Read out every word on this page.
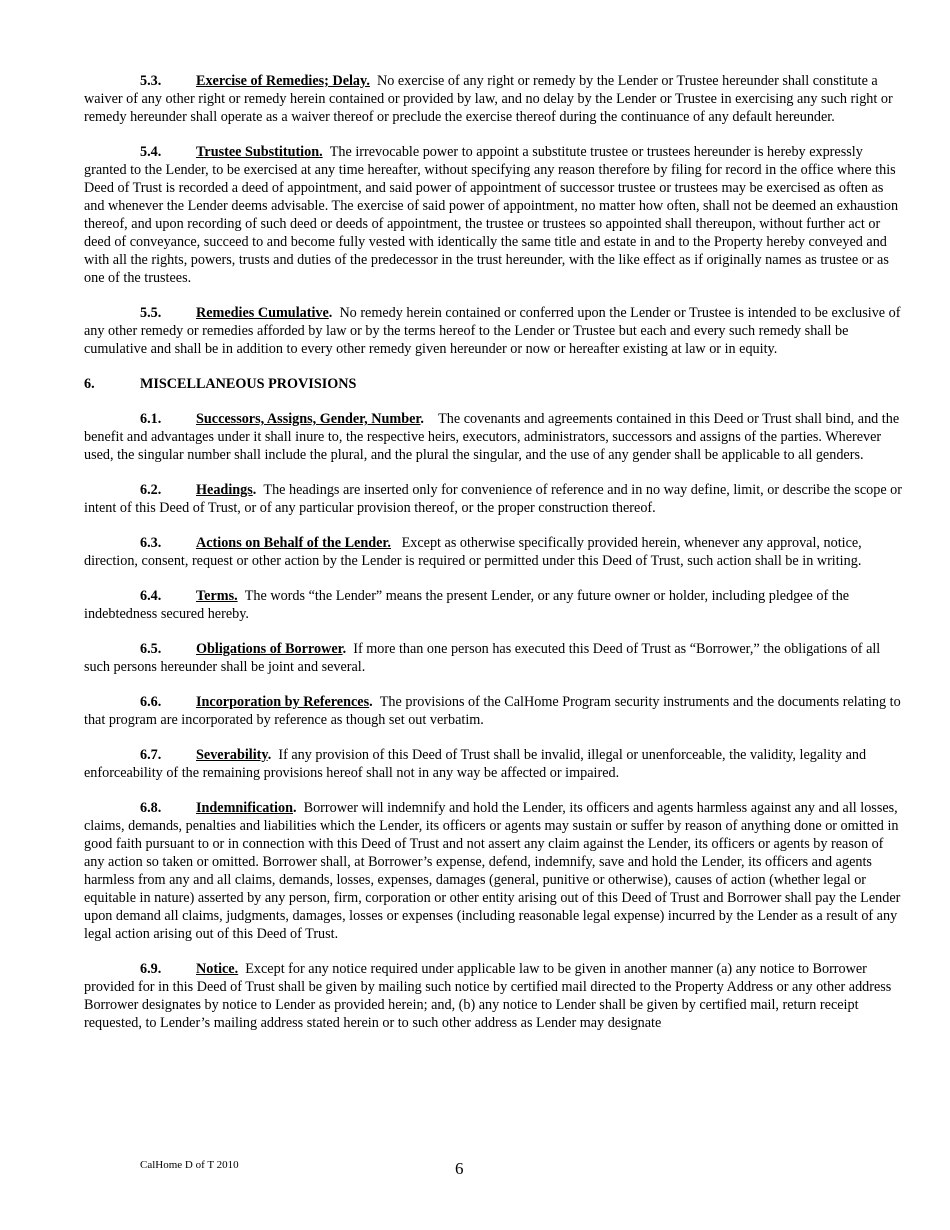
5.3. Exercise of Remedies; Delay. No exercise of any right or remedy by the Lender or Trustee hereunder shall constitute a waiver of any other right or remedy herein contained or provided by law, and no delay by the Lender or Trustee in exercising any such right or remedy hereunder shall operate as a waiver thereof or preclude the exercise thereof during the continuance of any default hereunder.

5.4. Trustee Substitution. The irrevocable power to appoint a substitute trustee or trustees hereunder is hereby expressly granted to the Lender, to be exercised at any time hereafter, without specifying any reason therefore by filing for record in the office where this Deed of Trust is recorded a deed of appointment, and said power of appointment of successor trustee or trustees may be exercised as often as and whenever the Lender deems advisable. The exercise of said power of appointment, no matter how often, shall not be deemed an exhaustion thereof, and upon recording of such deed or deeds of appointment, the trustee or trustees so appointed shall thereupon, without further act or deed of conveyance, succeed to and become fully vested with identically the same title and estate in and to the Property hereby conveyed and with all the rights, powers, trusts and duties of the predecessor in the trust hereunder, with the like effect as if originally names as trustee or as one of the trustees.

5.5. Remedies Cumulative. No remedy herein contained or conferred upon the Lender or Trustee is intended to be exclusive of any other remedy or remedies afforded by law or by the terms hereof to the Lender or Trustee but each and every such remedy shall be cumulative and shall be in addition to every other remedy given hereunder or now or hereafter existing at law or in equity.

6.	MISCELLANEOUS PROVISIONS

6.1. Successors, Assigns, Gender, Number. The covenants and agreements contained in this Deed or Trust shall bind, and the benefit and advantages under it shall inure to, the respective heirs, executors, administrators, successors and assigns of the parties. Wherever used, the singular number shall include the plural, and the plural the singular, and the use of any gender shall be applicable to all genders.

6.2. Headings. The headings are inserted only for convenience of reference and in no way define, limit, or describe the scope or intent of this Deed of Trust, or of any particular provision thereof, or the proper construction thereof.

6.3. Actions on Behalf of the Lender. Except as otherwise specifically provided herein, whenever any approval, notice, direction, consent, request or other action by the Lender is required or permitted under this Deed of Trust, such action shall be in writing.

6.4. Terms. The words “the Lender” means the present Lender, or any future owner or holder, including pledgee of the indebtedness secured hereby.

6.5. Obligations of Borrower. If more than one person has executed this Deed of Trust as “Borrower,” the obligations of all such persons hereunder shall be joint and several.

6.6. Incorporation by References. The provisions of the CalHome Program security instruments and the documents relating to that program are incorporated by reference as though set out verbatim.

6.7. Severability. If any provision of this Deed of Trust shall be invalid, illegal or unenforceable, the validity, legality and enforceability of the remaining provisions hereof shall not in any way be affected or impaired.

6.8. Indemnification. Borrower will indemnify and hold the Lender, its officers and agents harmless against any and all losses, claims, demands, penalties and liabilities which the Lender, its officers or agents may sustain or suffer by reason of anything done or omitted in good faith pursuant to or in connection with this Deed of Trust and not assert any claim against the Lender, its officers or agents by reason of any action so taken or omitted. Borrower shall, at Borrower’s expense, defend, indemnify, save and hold the Lender, its officers and agents harmless from any and all claims, demands, losses, expenses, damages (general, punitive or otherwise), causes of action (whether legal or equitable in nature) asserted by any person, firm, corporation or other entity arising out of this Deed of Trust and Borrower shall pay the Lender upon demand all claims, judgments, damages, losses or expenses (including reasonable legal expense) incurred by the Lender as a result of any legal action arising out of this Deed of Trust.

6.9. Notice. Except for any notice required under applicable law to be given in another manner (a) any notice to Borrower provided for in this Deed of Trust shall be given by mailing such notice by certified mail directed to the Property Address or any other address Borrower designates by notice to Lender as provided herein; and, (b) any notice to Lender shall be given by certified mail, return receipt requested, to Lender’s mailing address stated herein or to such other address as Lender may designate

CalHome D of T 2010	6
